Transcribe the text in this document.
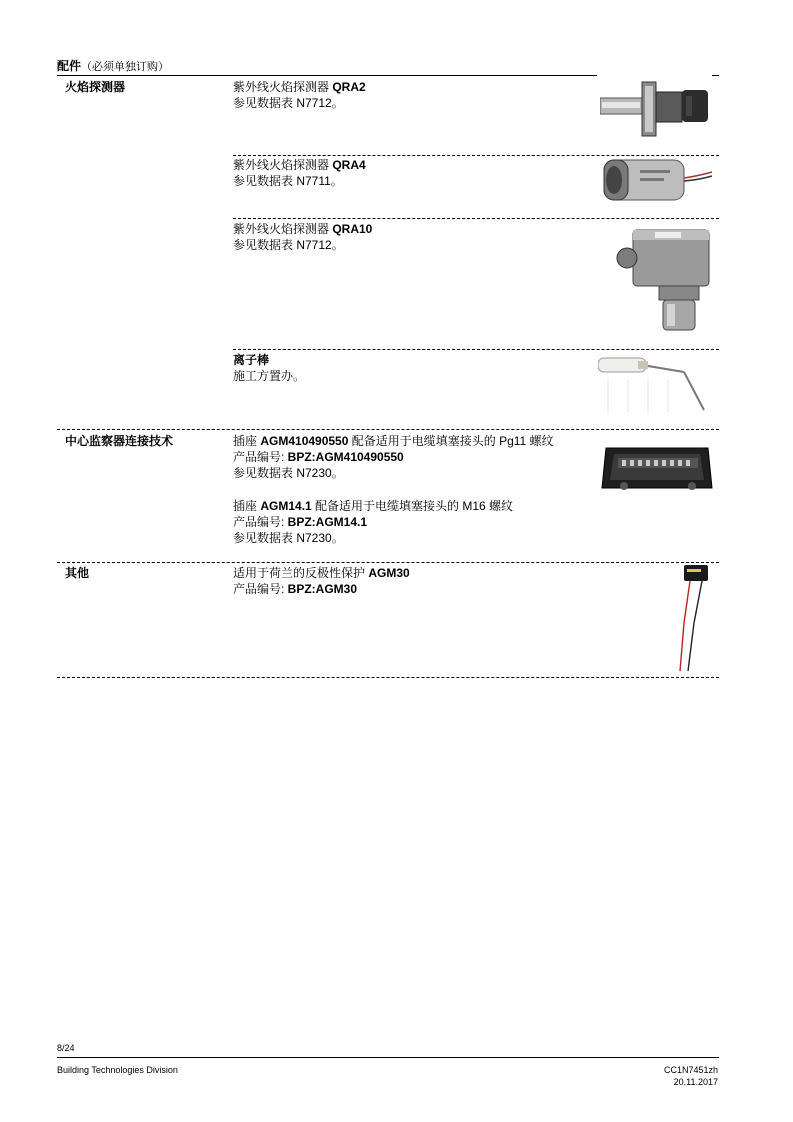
配件（必须单独订购）
火焰探测器	紫外线火焰探测器 QRA2
参见数据表 N7712。
紫外线火焰探测器 QRA4
参见数据表 N7711。
紫外线火焰探测器 QRA10
参见数据表 N7712。
离子棒
施工方置办。
中心监察器连接技术	插座 AGM410490550 配备适用于电缆填塞接头的 Pg11 螺纹
产品编号: BPZ:AGM410490550
参见数据表 N7230。
插座 AGM14.1 配备适用于电缆填塞接头的 M16 螺纹
产品编号: BPZ:AGM14.1
参见数据表 N7230。
其他	适用于荷兰的反极性保护 AGM30
产品编号: BPZ:AGM30
8/24
Building Technologies Division	CC1N7451zh
20.11.2017
